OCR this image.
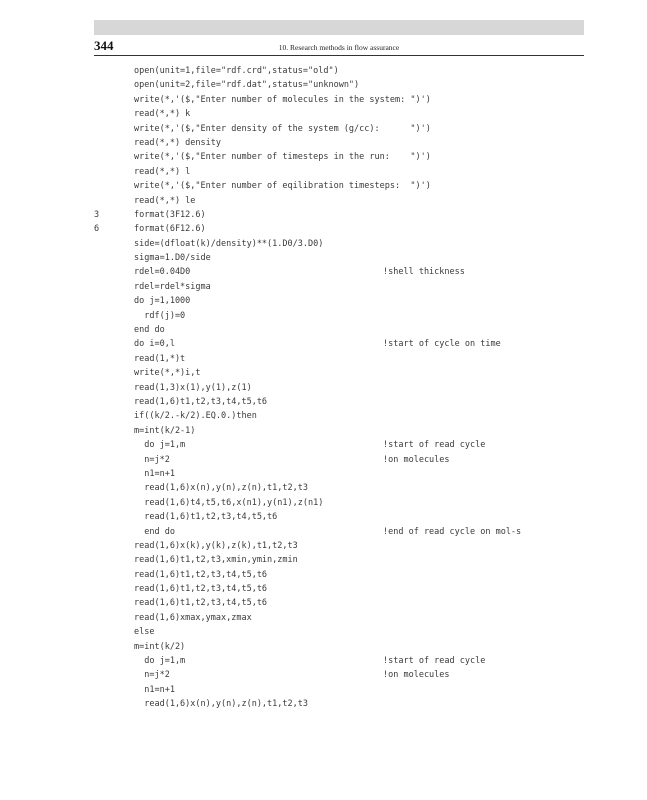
344	10. Research methods in flow assurance
open(unit=1,file="rdf.crd",status="old")
open(unit=2,file="rdf.dat",status="unknown")
write(*,'($,"Enter number of molecules in the system: ")')
read(*,*) k
write(*,'($,"Enter density of the system (g/cc):      ")')
read(*,*) density
write(*,'($,"Enter number of timesteps in the run:    ")')
read(*,*) l
write(*,'($,"Enter number of eqilibration timesteps:  ")')
read(*,*) le
3	format(3F12.6)
6	format(6F12.6)
side=(dfloat(k)/density)**(1.D0/3.D0)
sigma=1.D0/side
rdel=0.04D0	!shell thickness
rdel=rdel*sigma
do j=1,1000
rdf(j)=0
end do
do i=0,l	!start of cycle on time
read(1,*)t
write(*,*)i,t
read(1,3)x(1),y(1),z(1)
read(1,6)t1,t2,t3,t4,t5,t6
if((k/2.-k/2).EQ.0.)then
m=int(k/2-1)
do j=1,m	!start of read cycle
n=j*2	!on molecules
n1=n+1
read(1,6)x(n),y(n),z(n),t1,t2,t3
read(1,6)t4,t5,t6,x(n1),y(n1),z(n1)
read(1,6)t1,t2,t3,t4,t5,t6
end do	!end of read cycle on mol-s
read(1,6)x(k),y(k),z(k),t1,t2,t3
read(1,6)t1,t2,t3,xmin,ymin,zmin
read(1,6)t1,t2,t3,t4,t5,t6
read(1,6)t1,t2,t3,t4,t5,t6
read(1,6)t1,t2,t3,t4,t5,t6
read(1,6)xmax,ymax,zmax
else
m=int(k/2)
do j=1,m	!start of read cycle
n=j*2	!on molecules
n1=n+1
read(1,6)x(n),y(n),z(n),t1,t2,t3
